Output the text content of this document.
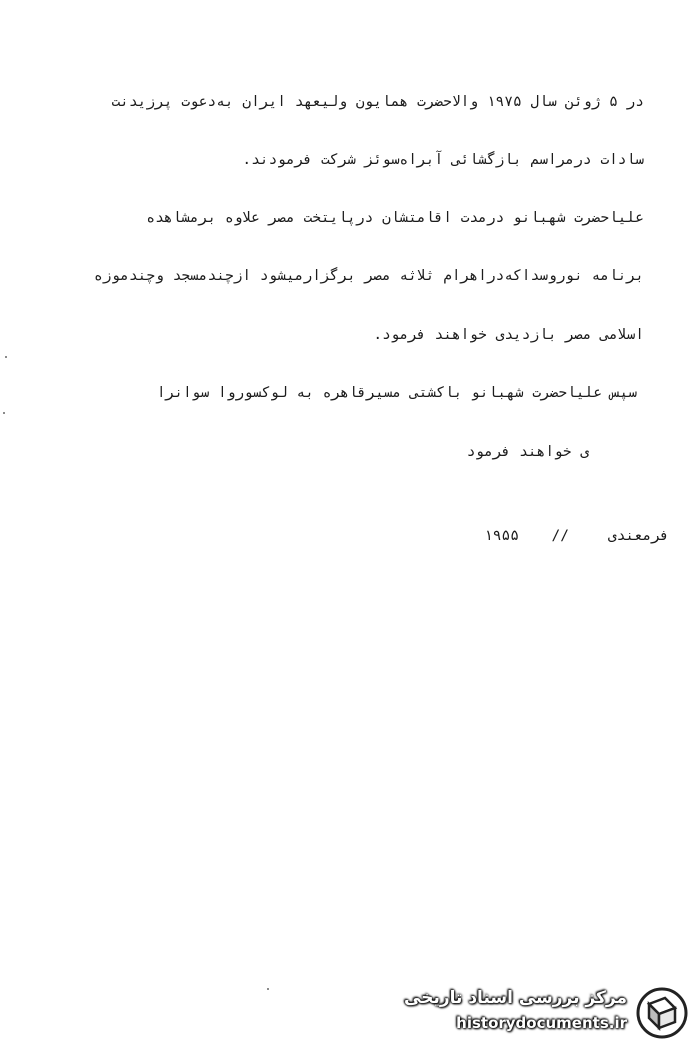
در ۵ ژوئن سال ۱۹۷۵ والاحضرت همایون ولیعهد ایران به‌دعوت پرزیدنت
سادات درمراسم بازگشائی آبراه‌سوئز شرکت فرمودند.
علیاحضرت شهبانو درمدت اقامتشان درپایتخت مصر علاوه برمشاهده
برنامه نوروسداکه‌دراهرام ثلاثه مصر برگزارمیشود ازچندمسجد وچندموزه
اسلامی مصر بازدیدی خواهند فرمود.
سپس علیاحضرت شهبانو باکشتی مسیرقاهره به لوکسوروا سوانرا
ی خواهند فرمود
فرمعندی
//
۱۹۵۵
مرکز بررسی اسناد تاریخی
historydocuments.ir
